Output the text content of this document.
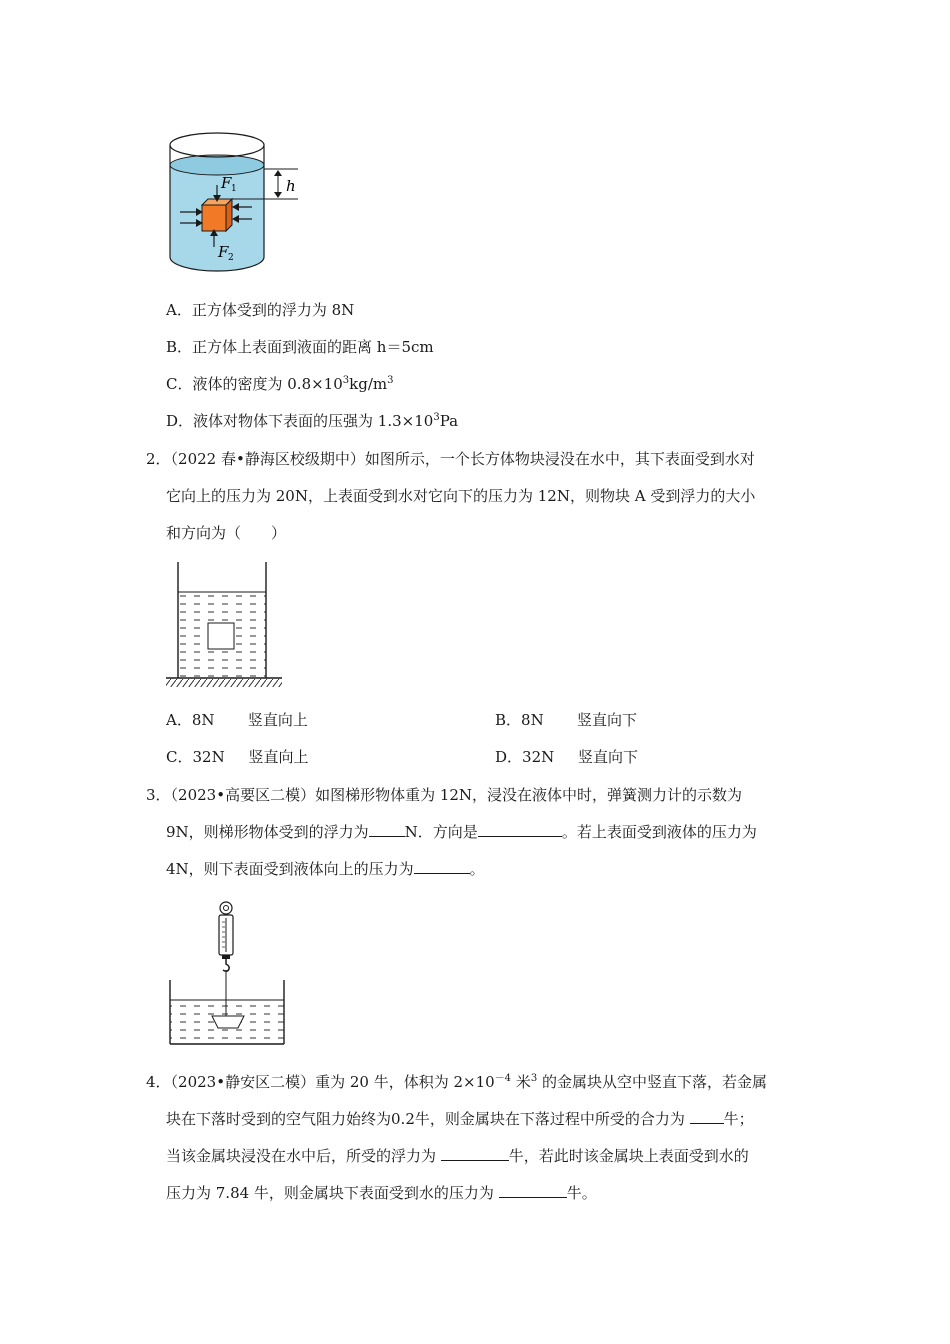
h
F 1
F 2
A．正方体受到的浮力为 8N
B．正方体上表面到液面的距离 h＝5cm
C．液体的密度为 $0.8\times 10^3kg/m^3$
D．液体对物体下表面的压强为 $1.3\times 10^3Pa$
2．（2022 春•静海区校级期中）如图所示，一个长方体物块浸没在水中，其下表面受到水对
它向上的压力为 20N，上表面受到水对它向下的压力为 12N，则物块 A 受到浮力的大小
和方向为（　　）
A．8N 竖直向上	B．8N 竖直向下
C．32N 竖直向上	D．32N 竖直向下
3．（2023•高要区二模）如图梯形物体重为 12N，浸没在液体中时，弹簧测力计的示数为
9N，则梯形物体受到的浮力为 N．方向是	。若上表面受到液体的压力为
4N，则下表面受到液体向上的压力为	。
4．（2023•静安区二模）重为 20 牛，体积为 $2\times 10^{-4}$ 米$^3$ 的金属块从空中竖直下落，若金属
块在下落时受到的空气阻力始终为0.2牛，则金属块在下落过程中所受的合力为 牛；
当该金属块浸没在水中后，所受的浮力为	牛，若此时该金属块上表面受到水的
压力为 7.84 牛，则金属块下表面受到水的压力为	牛。
